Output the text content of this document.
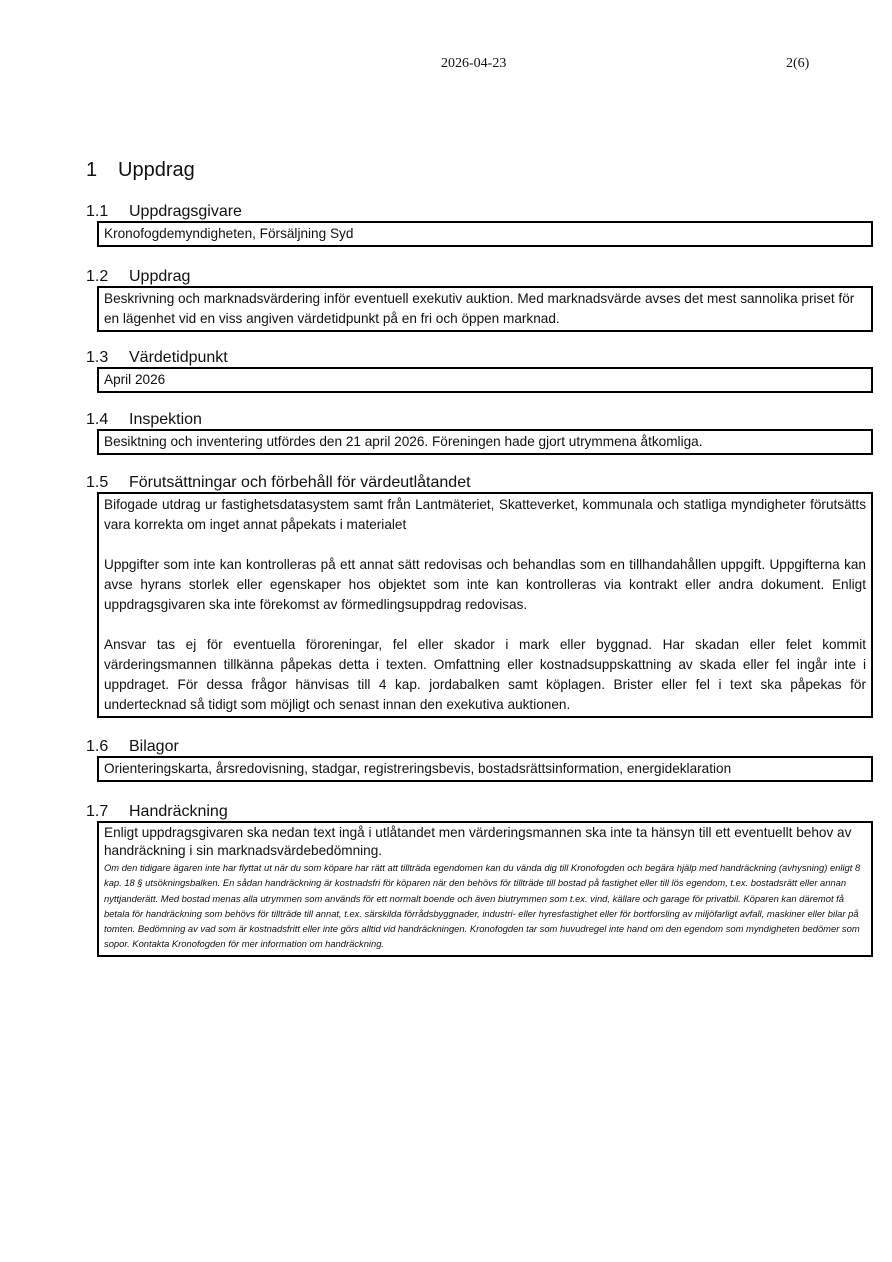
2026-04-23	2(6)
1 Uppdrag
1.1 Uppdragsgivare

Kronofogdemyndigheten, Försäljning Syd

1.2 Uppdrag

Beskrivning och marknadsvärdering inför eventuell exekutiv auktion. Med marknadsvärde avses det mest sannolika priset för en lägenhet vid en viss angiven värdetidpunkt på en fri och öppen marknad.

1.3 Värdetidpunkt

April 2026

1.4 Inspektion

Besiktning och inventering utfördes den 21 april 2026. Föreningen hade gjort utrymmena åtkomliga.

1.5 Förutsättningar och förbehåll för värdeutlåtandet

Bifogade utdrag ur fastighetsdatasystem samt från Lantmäteriet, Skatteverket, kommunala och statliga myndigheter förutsätts vara korrekta om inget annat påpekats i materialet

Uppgifter som inte kan kontrolleras på ett annat sätt redovisas och behandlas som en tillhandahållen uppgift. Uppgifterna kan avse hyrans storlek eller egenskaper hos objektet som inte kan kontrolleras via kontrakt eller andra dokument. Enligt uppdragsgivaren ska inte förekomst av förmedlingsuppdrag redovisas.

Ansvar tas ej för eventuella föroreningar, fel eller skador i mark eller byggnad. Har skadan eller felet kommit värderingsmannen tillkänna påpekas detta i texten. Omfattning eller kostnadsuppskattning av skada eller fel ingår inte i uppdraget. För dessa frågor hänvisas till 4 kap. jordabalken samt köplagen. Brister eller fel i text ska påpekas för undertecknad så tidigt som möjligt och senast innan den exekutiva auktionen.

1.6 Bilagor

Orienteringskarta, årsredovisning, stadgar, registreringsbevis, bostadsrättsinformation, energideklaration

1.7 Handräckning

Enligt uppdragsgivaren ska nedan text ingå i utlåtandet men värderingsmannen ska inte ta hänsyn till ett eventuellt behov av handräckning i sin marknadsvärdebedömning.

Om den tidigare ägaren inte har flyttat ut när du som köpare har rätt att tillträda egendomen kan du vända dig till Kronofogden och begära hjälp med handräckning (avhysning) enligt 8 kap. 18 § utsökningsbalken. En sådan handräckning är kostnadsfri för köparen när den behövs för tillträde till bostad på fastighet eller till lös egendom, t.ex. bostadsrätt eller annan nyttjanderätt. Med bostad menas alla utrymmen som används för ett normalt boende och även biutrymmen som t.ex. vind, källare och garage för privatbil. Köparen kan däremot få betala för handräckning som behövs för tillträde till annat, t.ex. särskilda förrådsbyggnader, industri- eller hyresfastighet eller för bortforsling av miljöfarligt avfall, maskiner eller bilar på tomten. Bedömning av vad som är kostnadsfritt eller inte görs alltid vid handräckningen. Kronofogden tar som huvudregel inte hand om den egendom som myndigheten bedömer som sopor. Kontakta Kronofogden för mer information om handräckning.
